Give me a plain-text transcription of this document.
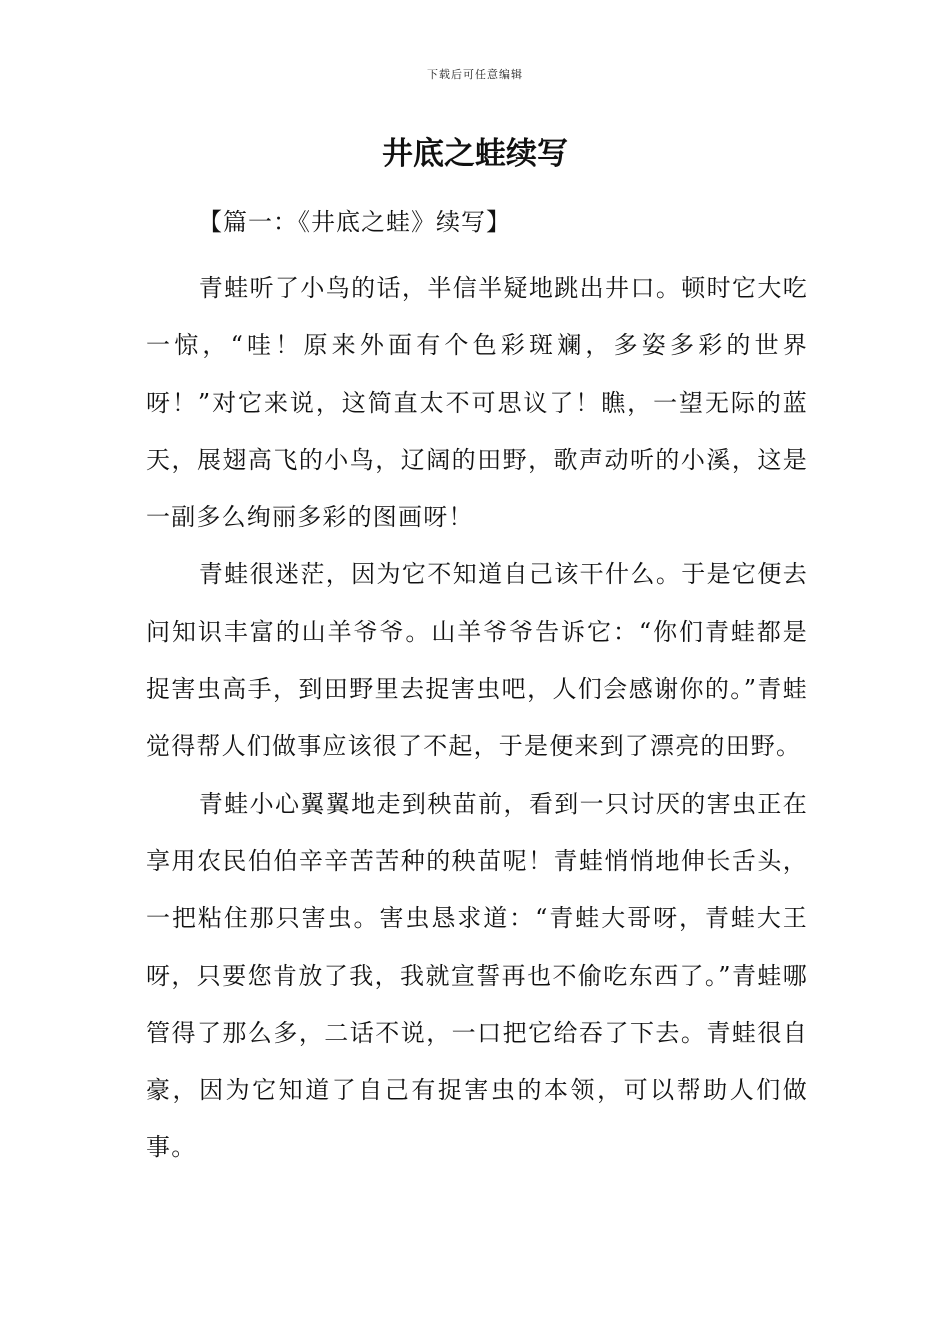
下载后可任意编辑
井底之蛙续写
【篇一：《井底之蛙》续写】

青蛙听了小鸟的话，半信半疑地跳出井口。顿时它大吃一惊，“哇！原来外面有个色彩斑斓，多姿多彩的世界呀！”对它来说，这简直太不可思议了！瞧，一望无际的蓝天，展翅高飞的小鸟，辽阔的田野，歌声动听的小溪，这是一副多么绚丽多彩的图画呀！

青蛙很迷茫，因为它不知道自己该干什么。于是它便去问知识丰富的山羊爷爷。山羊爷爷告诉它：“你们青蛙都是捉害虫高手，到田野里去捉害虫吧，人们会感谢你的。”青蛙觉得帮人们做事应该很了不起，于是便来到了漂亮的田野。

青蛙小心翼翼地走到秧苗前，看到一只讨厌的害虫正在享用农民伯伯辛辛苦苦种的秧苗呢！青蛙悄悄地伸长舌头，一把粘住那只害虫。害虫恳求道：“青蛙大哥呀，青蛙大王呀，只要您肯放了我，我就宣誓再也不偷吃东西了。”青蛙哪管得了那么多，二话不说，一口把它给吞了下去。青蛙很自豪，因为它知道了自己有捉害虫的本领，可以帮助人们做事。
